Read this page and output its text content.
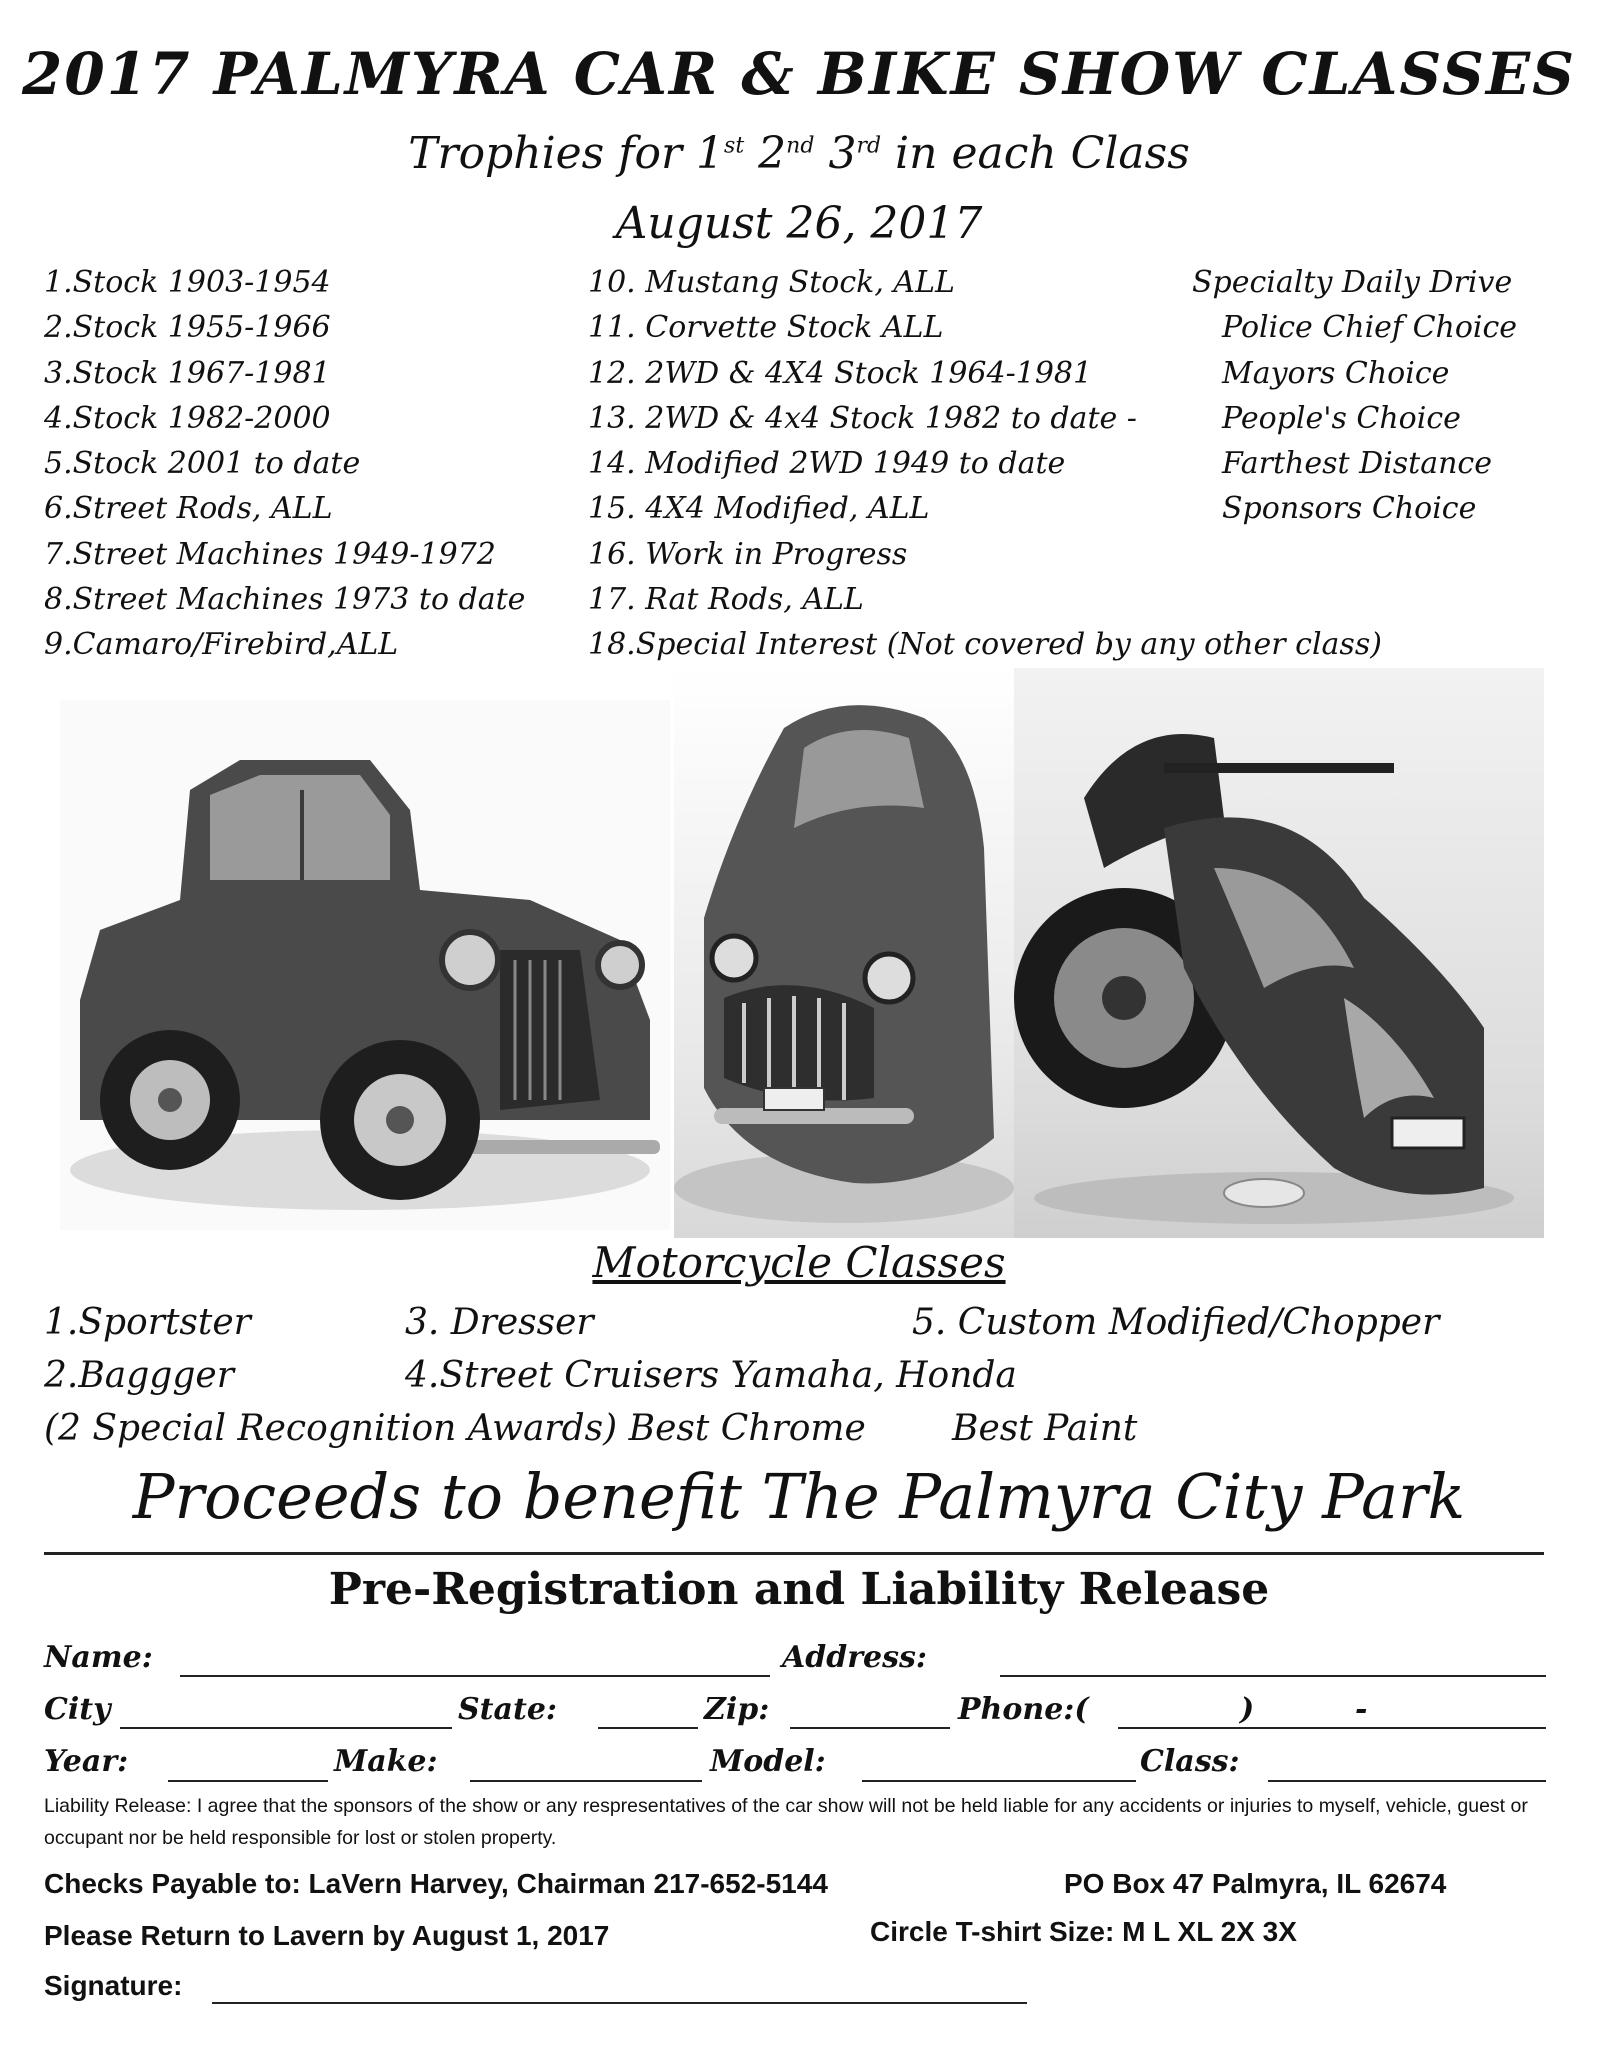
2017 PALMYRA CAR & BIKE SHOW CLASSES
Trophies for 1st 2nd 3rd in each Class
August 26, 2017
1.Stock 1903-1954
2.Stock 1955-1966
3.Stock 1967-1981
4.Stock 1982-2000
5.Stock 2001 to date
6.Street Rods, ALL
7.Street Machines 1949-1972
8.Street Machines 1973 to date
9.Camaro/Firebird,ALL
10. Mustang Stock, ALL
11. Corvette Stock ALL
12. 2WD & 4X4 Stock 1964-1981
13. 2WD & 4x4 Stock 1982 to date -
14. Modified 2WD 1949 to date
15. 4X4 Modified, ALL
16. Work in Progress
17. Rat Rods, ALL
18.Special Interest (Not covered by any other class)
Specialty Daily Drive
Police Chief Choice
Mayors Choice
People's Choice
Farthest Distance
Sponsors Choice
Motorcycle Classes
1.Sportster	3. Dresser	5. Custom Modified/Chopper
2.Baggger	4.Street Cruisers Yamaha, Honda
(2 Special Recognition Awards) Best Chrome Best Paint
Proceeds to benefit The Palmyra City Park
Pre-Registration and Liability Release
Name:	Address:
City	State:	Zip:	Phone:(	)	-
Year:	Make:	Model:	Class:
Liability Release: I agree that the sponsors of the show or any respresentatives of the car show will not be held liable for any accidents or injuries to myself, vehicle, guest or occupant nor be held responsible for lost or stolen property.
Checks Payable to: LaVern Harvey, Chairman 217-652-5144	PO Box 47 Palmyra, IL 62674
Please Return to Lavern by August 1, 2017	Circle T-shirt Size: M L XL 2X 3X
Signature:
